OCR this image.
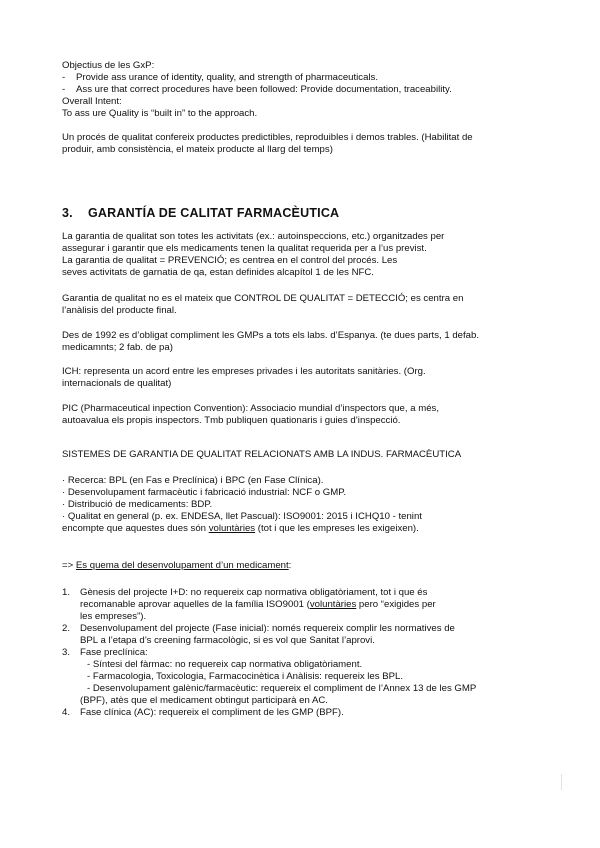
Objectius de les GxP:

- Provide ass urance of identity, quality, and strength of pharmaceuticals.

- Ass ure that correct procedures have been followed: Provide documentation, traceability.

Overall Intent:

To ass ure Quality is “built in” to the approach.

Un procés de qualitat confereix productes predictibles, reproduibles i demos trables. (Habilitat de

produir, amb consistència, el mateix producte al llarg del temps)

3. GARANTÍA DE CALITAT FARMACÈUTICA

La garantia de qualitat son totes les activitats (ex.: autoinspeccions, etc.) organitzades per

assegurar i garantir que els medicaments tenen la qualitat requerida per a l’us previst.

La garantia de qualitat = PREVENCIÓ; es centrea en el control del procés. Les

seves activitats de garnatia de qa, estan definides alcapítol 1 de les NFC.

Garantia de qualitat no es el mateix que CONTROL DE QUALITAT = DETECCIÓ; es centra en

l’anàlisis del producte final.

Des de 1992 es d’obligat compliment les GMPs a tots els labs. d’Espanya. (te dues parts, 1 defab.

medicamnts; 2 fab. de pa)

ICH: representa un acord entre les empreses privades i les autoritats sanitàries. (Org.

internacionals de qualitat)

PIC (Pharmaceutical inpection Convention): Associacio mundial d’inspectors que, a més,

autoavalua els propis inspectors. Tmb publiquen quationaris i guies d’inspecció.

SISTEMES DE GARANTIA DE QUALITAT RELACIONATS AMB LA INDUS. FARMACÈUTICA

· Recerca: BPL (en Fas e Preclínica) i BPC (en Fase Clínica).

· Desenvolupament farmacèutic i fabricació industrial: NCF o GMP.

· Distribució de medicaments: BDP.

· Qualitat en general (p. ex. ENDESA, llet Pascual): ISO9001: 2015 i ICHQ10 - tenint

encompte que aquestes dues són voluntàries (tot i que les empreses les exigeixen).

=> Es quema del desenvolupament d’un medicament:

1. Gènesis del projecte I+D: no requereix cap normativa obligatòriament, tot i que és

recomanable aprovar aquelles de la família ISO9001 (voluntàries pero “exigides per

les empreses”).

2. Desenvolupament del projecte (Fase inicial): només requereix complir les normatives de

BPL a l’etapa d’s creening farmacològic, si es vol que Sanitat l’aprovi.

3. Fase preclínica:

- Síntesi del fàrmac: no requereix cap normativa obligatòriament.

- Farmacologia, Toxicologia, Farmacocinètica i Anàlisis: requereix les BPL.

- Desenvolupament galènic/farmacèutic: requereix el compliment de l’Annex 13 de les GMP

(BPF), atès que el medicament obtingut participarà en AC.

4. Fase clínica (AC): requereix el compliment de les GMP (BPF).
